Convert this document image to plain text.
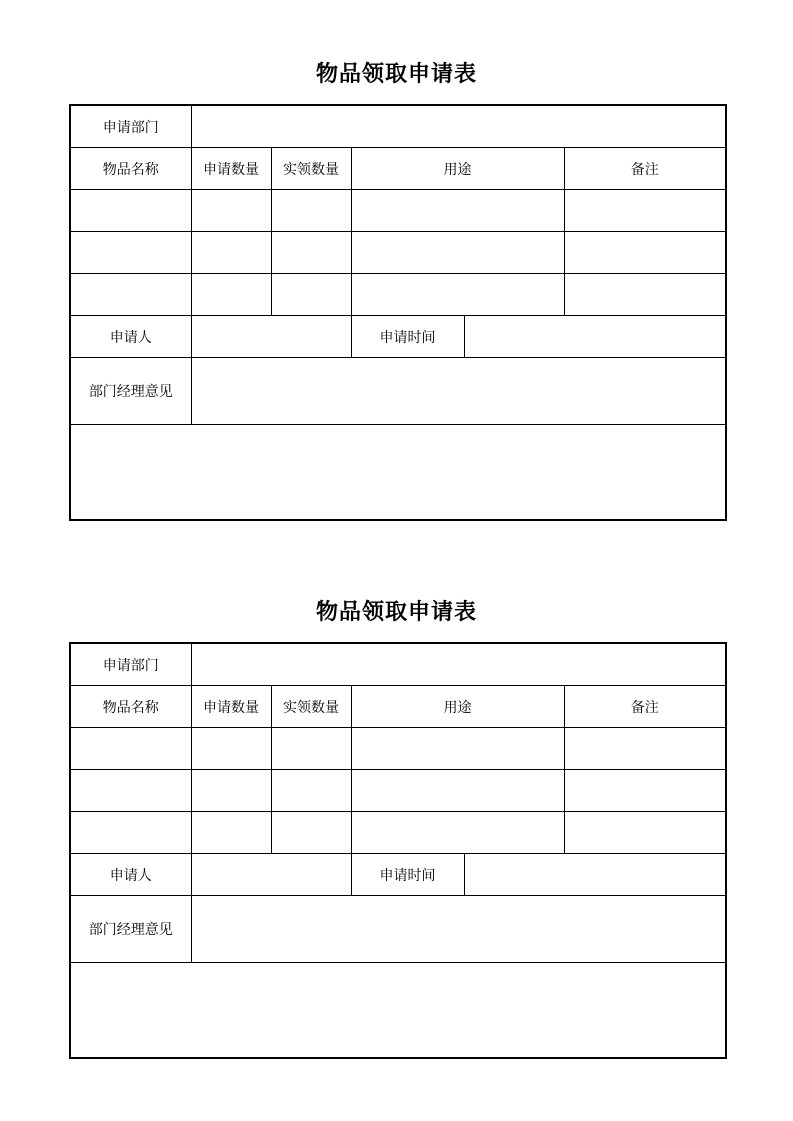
物品领取申请表
申请部门					
物品名称	申请数量	实领数量	用途		备注

申请人			申请时间		
部门经理意见					

物品领取申请表
申请部门					
物品名称	申请数量	实领数量	用途		备注

申请人			申请时间		
部门经理意见					
